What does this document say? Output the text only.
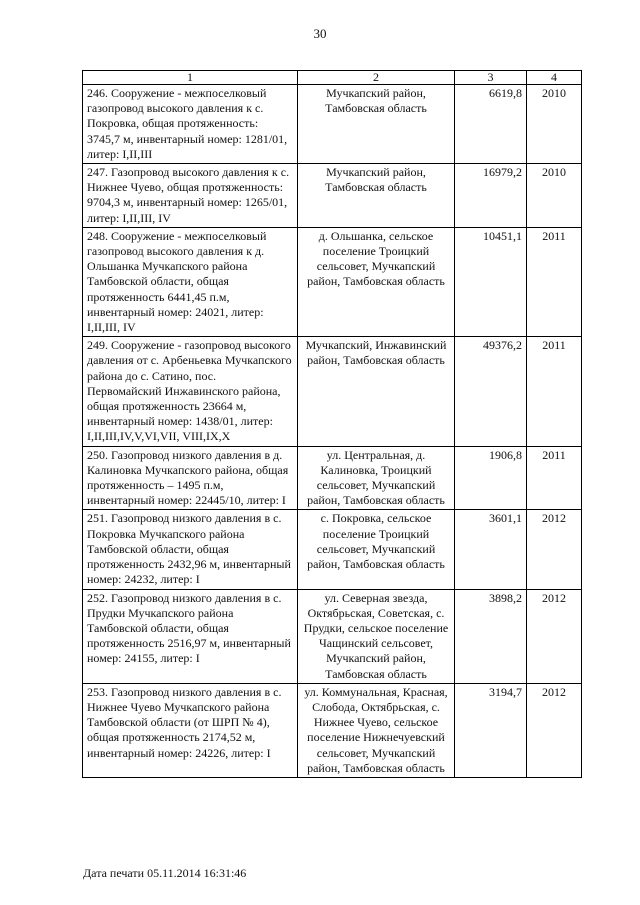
30
1	2	3	4
246. Сооружение - межпоселковый газопровод высокого давления к с. Покровка, общая протяженность: 3745,7 м, инвентарный номер: 1281/01, литер: I,II,III	Мучкапский район, Тамбовская область	6619,8	2010
247. Газопровод высокого давления к с. Нижнее Чуево, общая протяженность: 9704,3 м, инвентарный номер: 1265/01, литер: I,II,III, IV	Мучкапский район, Тамбовская область	16979,2	2010
248. Сооружение - межпоселковый газопровод высокого давления к д. Ольшанка Мучкапского района Тамбовской области, общая протяженность 6441,45 п.м, инвентарный номер: 24021, литер: I,II,III, IV	д. Ольшанка, сельское поселение Троицкий сельсовет, Мучкапский район, Тамбовская область	10451,1	2011
249. Сооружение - газопровод высокого давления от с. Арбеньевка Мучкапского района до с. Сатино, пос. Первомайский Инжавинского района, общая протяженность 23664 м, инвентарный номер: 1438/01, литер: I,II,III,IV,V,VI,VII, VIII,IX,X	Мучкапский, Инжавинский район, Тамбовская область	49376,2	2011
250. Газопровод низкого давления в д. Калиновка Мучкапского района, общая протяженность – 1495 п.м, инвентарный номер: 22445/10, литер: I	ул. Центральная, д. Калиновка, Троицкий сельсовет, Мучкапский район, Тамбовская область	1906,8	2011
251. Газопровод низкого давления в с. Покровка Мучкапского района Тамбовской области, общая протяженность 2432,96 м, инвентарный номер: 24232, литер: I	с. Покровка, сельское поселение Троицкий сельсовет, Мучкапский район, Тамбовская область	3601,1	2012
252. Газопровод низкого давления в с. Прудки Мучкапского района Тамбовской области, общая протяженность 2516,97 м, инвентарный номер: 24155, литер: I	ул. Северная звезда, Октябрьская, Советская, с. Прудки, сельское поселение Чащинский сельсовет, Мучкапский район, Тамбовская область	3898,2	2012
253. Газопровод низкого давления в с. Нижнее Чуево Мучкапского района Тамбовской области (от ШРП № 4), общая протяженность 2174,52 м, инвентарный номер: 24226, литер: I	ул. Коммунальная, Красная, Слобода, Октябрьская, с. Нижнее Чуево, сельское поселение Нижнечуевский сельсовет, Мучкапский район, Тамбовская область	3194,7	2012
Дата печати 05.11.2014 16:31:46
